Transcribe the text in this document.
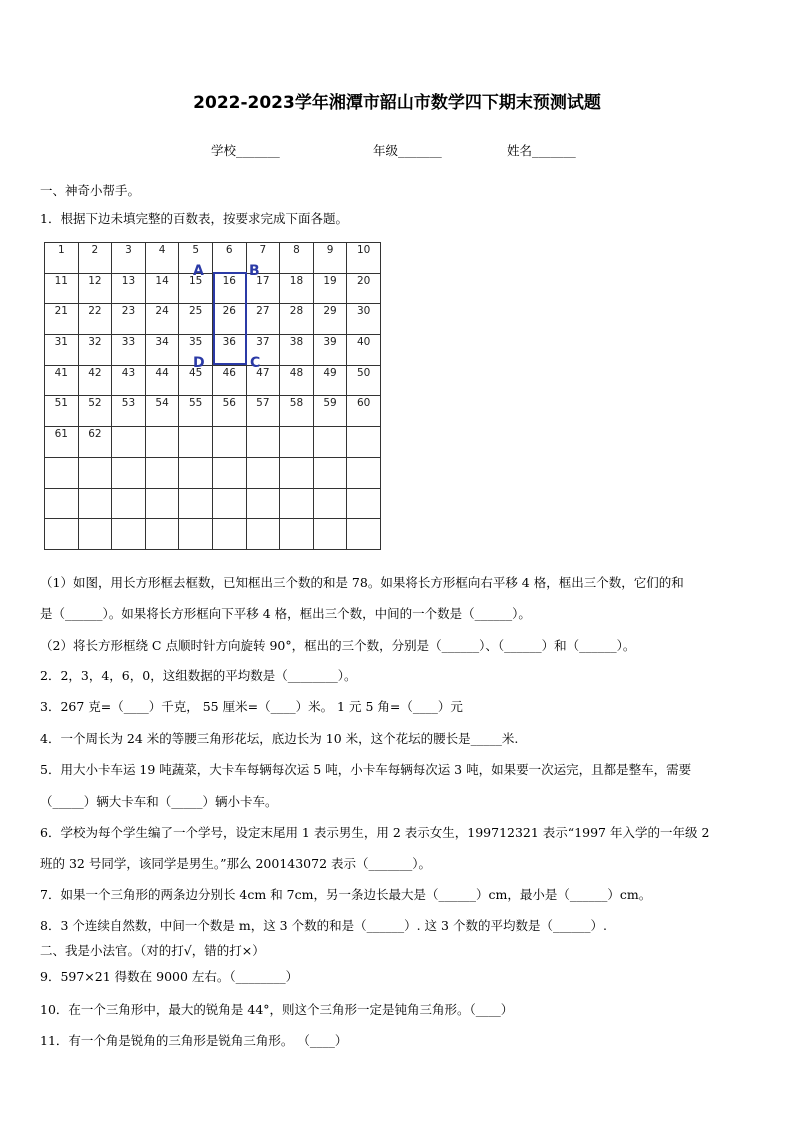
2022-2023学年湘潭市韶山市数学四下期末预测试题
学校_______	年级_______	姓名_______
一、神奇小帮手。
1．根据下边未填完整的百数表，按要求完成下面各题。
1	2	3	4	5	6	7	8	9	10
11	12	13	14	15	16	17	18	19	20
21	22	23	24	25	26	27	28	29	30
31	32	33	34	35	36	37	38	39	40
41	42	43	44	45	46	47	48	49	50
51	52	53	54	55	56	57	58	59	60
61	62								

A	B
C
D
（1）如图，用长方形框去框数，已知框出三个数的和是 78。如果将长方形框向右平移 4 格，框出三个数，它们的和
是（______）。如果将长方形框向下平移 4 格，框出三个数，中间的一个数是（______）。
（2）将长方形框绕 C 点顺时针方向旋转 90°，框出的三个数，分别是（______）、（______）和（______）。
2．2，3，4，6，0，这组数据的平均数是（________）。
3．267 克=（____）千克， 55 厘米=（____）米。 1 元 5 角=（____）元
4．一个周长为 24 米的等腰三角形花坛，底边长为 10 米，这个花坛的腰长是_____米.
5．用大小卡车运 19 吨蔬菜，大卡车每辆每次运 5 吨，小卡车每辆每次运 3 吨，如果要一次运完，且都是整车，需要
（_____）辆大卡车和（_____）辆小卡车。
6．学校为每个学生编了一个学号，设定末尾用 1 表示男生，用 2 表示女生，199712321 表示“1997 年入学的一年级 2
班的 32 号同学，该同学是男生。”那么 200143072 表示（_______）。
7．如果一个三角形的两条边分别长 4cm 和 7cm，另一条边长最大是（______）cm，最小是（______）cm。
8．3 个连续自然数，中间一个数是 m，这 3 个数的和是（______）. 这 3 个数的平均数是（______）.
二、我是小法官。（对的打√，错的打×）
9．597×21 得数在 9000 左右。（________）
10．在一个三角形中，最大的锐角是 44°，则这个三角形一定是钝角三角形。（____）
11．有一个角是锐角的三角形是锐角三角形。 （____）
